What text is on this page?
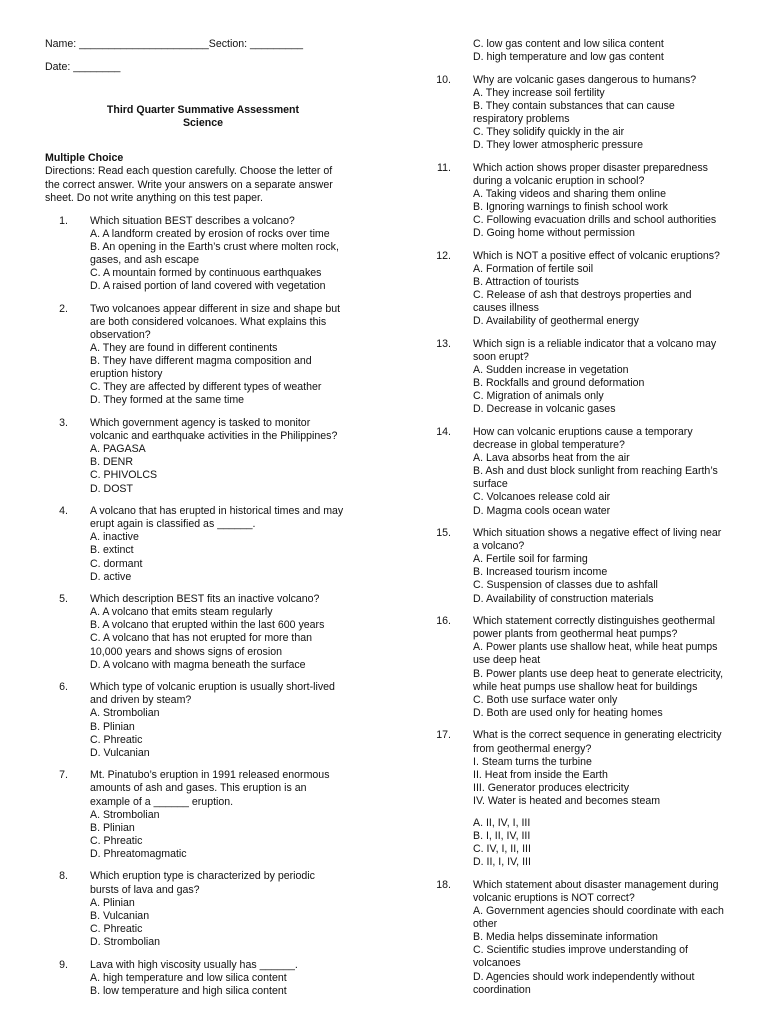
Name: ______________________Section: _________
Date: ________
Third Quarter Summative Assessment
Science
Multiple Choice
Directions: Read each question carefully. Choose the letter of
the correct answer. Write your answers on a separate answer
sheet. Do not write anything on this test paper.
1.	Which situation BEST describes a volcano?
A. A landform created by erosion of rocks over time
B. An opening in the Earth’s crust where molten rock,
gases, and ash escape
C. A mountain formed by continuous earthquakes
D. A raised portion of land covered with vegetation
2.	Two volcanoes appear different in size and shape but
are both considered volcanoes. What explains this
observation?
A. They are found in different continents
B. They have different magma composition and
eruption history
C. They are affected by different types of weather
D. They formed at the same time
3.	Which government agency is tasked to monitor
volcanic and earthquake activities in the Philippines?
A. PAGASA
B. DENR
C. PHIVOLCS
D. DOST
4.	A volcano that has erupted in historical times and may
erupt again is classified as ______.
A. inactive
B. extinct
C. dormant
D. active
5.	Which description BEST fits an inactive volcano?
A. A volcano that emits steam regularly
B. A volcano that erupted within the last 600 years
C. A volcano that has not erupted for more than
10,000 years and shows signs of erosion
D. A volcano with magma beneath the surface
6.	Which type of volcanic eruption is usually short-lived
and driven by steam?
A. Strombolian
B. Plinian
C. Phreatic
D. Vulcanian
7.	Mt. Pinatubo’s eruption in 1991 released enormous
amounts of ash and gases. This eruption is an
example of a ______ eruption.
A. Strombolian
B. Plinian
C. Phreatic
D. Phreatomagmatic
8.	Which eruption type is characterized by periodic
bursts of lava and gas?
A. Plinian
B. Vulcanian
C. Phreatic
D. Strombolian
9.	Lava with high viscosity usually has ______.
A. high temperature and low silica content
B. low temperature and high silica content
C. low gas content and low silica content
D. high temperature and low gas content
10.	Why are volcanic gases dangerous to humans?
A. They increase soil fertility
B. They contain substances that can cause
respiratory problems
C. They solidify quickly in the air
D. They lower atmospheric pressure
11.	Which action shows proper disaster preparedness
during a volcanic eruption in school?
A. Taking videos and sharing them online
B. Ignoring warnings to finish school work
C. Following evacuation drills and school authorities
D. Going home without permission
12.	Which is NOT a positive effect of volcanic eruptions?
A. Formation of fertile soil
B. Attraction of tourists
C. Release of ash that destroys properties and
causes illness
D. Availability of geothermal energy
13.	Which sign is a reliable indicator that a volcano may
soon erupt?
A. Sudden increase in vegetation
B. Rockfalls and ground deformation
C. Migration of animals only
D. Decrease in volcanic gases
14.	How can volcanic eruptions cause a temporary
decrease in global temperature?
A. Lava absorbs heat from the air
B. Ash and dust block sunlight from reaching Earth’s
surface
C. Volcanoes release cold air
D. Magma cools ocean water
15.	Which situation shows a negative effect of living near
a volcano?
A. Fertile soil for farming
B. Increased tourism income
C. Suspension of classes due to ashfall
D. Availability of construction materials
16.	Which statement correctly distinguishes geothermal
power plants from geothermal heat pumps?
A. Power plants use shallow heat, while heat pumps
use deep heat
B. Power plants use deep heat to generate electricity,
while heat pumps use shallow heat for buildings
C. Both use surface water only
D. Both are used only for heating homes
17.	What is the correct sequence in generating electricity
from geothermal energy?
I. Steam turns the turbine
II. Heat from inside the Earth
III. Generator produces electricity
IV. Water is heated and becomes steam
A. II, IV, I, III
B. I, II, IV, III
C. IV, I, II, III
D. II, I, IV, III
18.	Which statement about disaster management during
volcanic eruptions is NOT correct?
A. Government agencies should coordinate with each
other
B. Media helps disseminate information
C. Scientific studies improve understanding of
volcanoes
D. Agencies should work independently without
coordination
